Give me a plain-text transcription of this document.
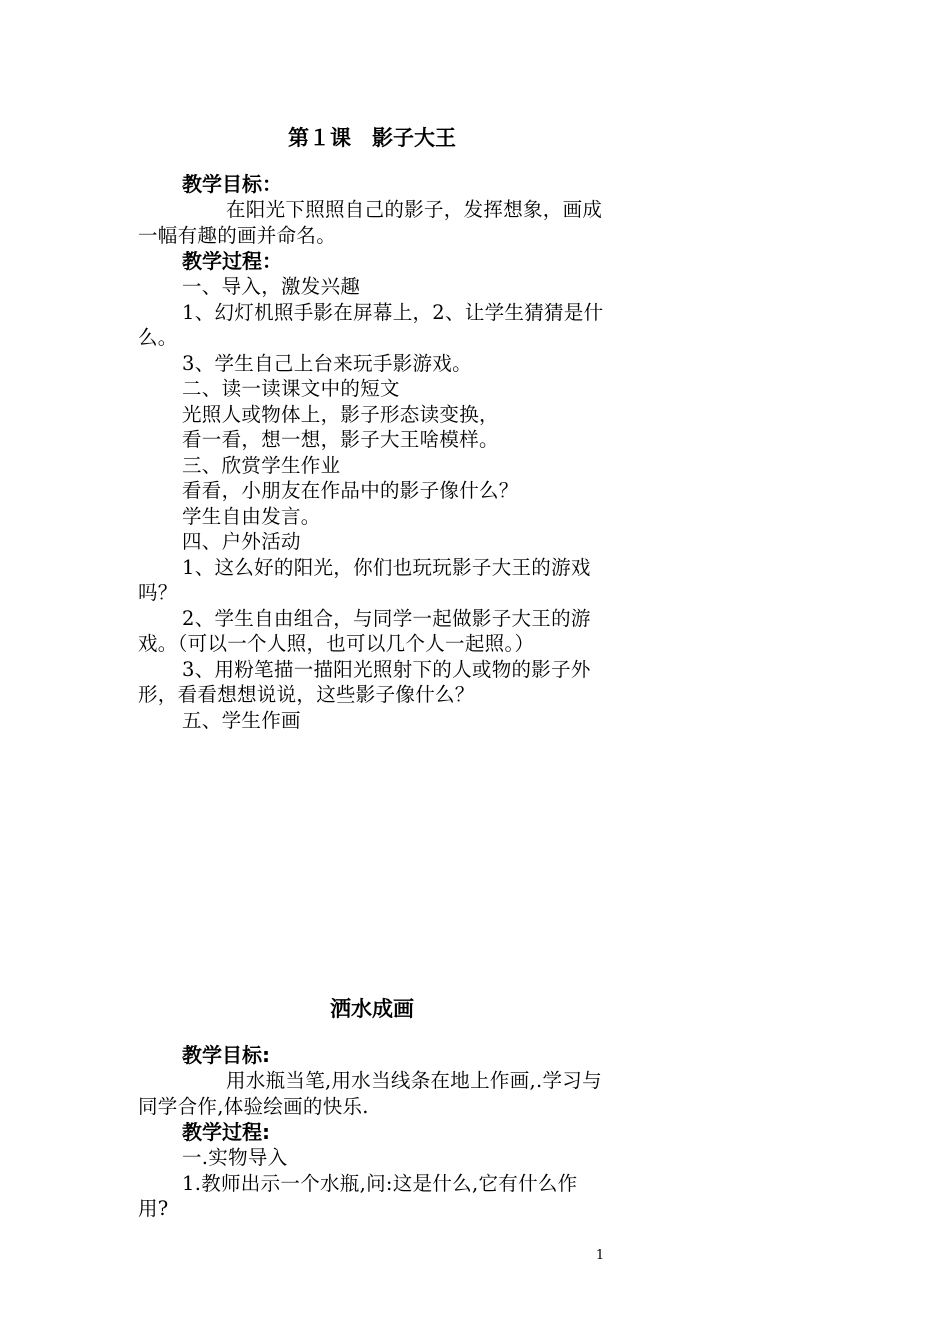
第１课　影子大王
教学目标：
在阳光下照照自己的影子，发挥想象，画成一幅有趣的画并命名。
教学过程：
一、导入，激发兴趣
1、幻灯机照手影在屏幕上，2、让学生猜猜是什么。
3、学生自己上台来玩手影游戏。
二、读一读课文中的短文
光照人或物体上，影子形态读变换，
看一看，想一想，影子大王啥模样。
三、欣赏学生作业
看看，小朋友在作品中的影子像什么？
学生自由发言。
四、户外活动
1、这么好的阳光，你们也玩玩影子大王的游戏吗？
2、学生自由组合，与同学一起做影子大王的游戏。（可以一个人照，也可以几个人一起照。）
3、用粉笔描一描阳光照射下的人或物的影子外形，看看想想说说，这些影子像什么？
五、学生作画
洒水成画
教学目标:
用水瓶当笔,用水当线条在地上作画,.学习与同学合作,体验绘画的快乐.
教学过程:
一.实物导入
1.教师出示一个水瓶,问:这是什么,它有什么作用?
1
